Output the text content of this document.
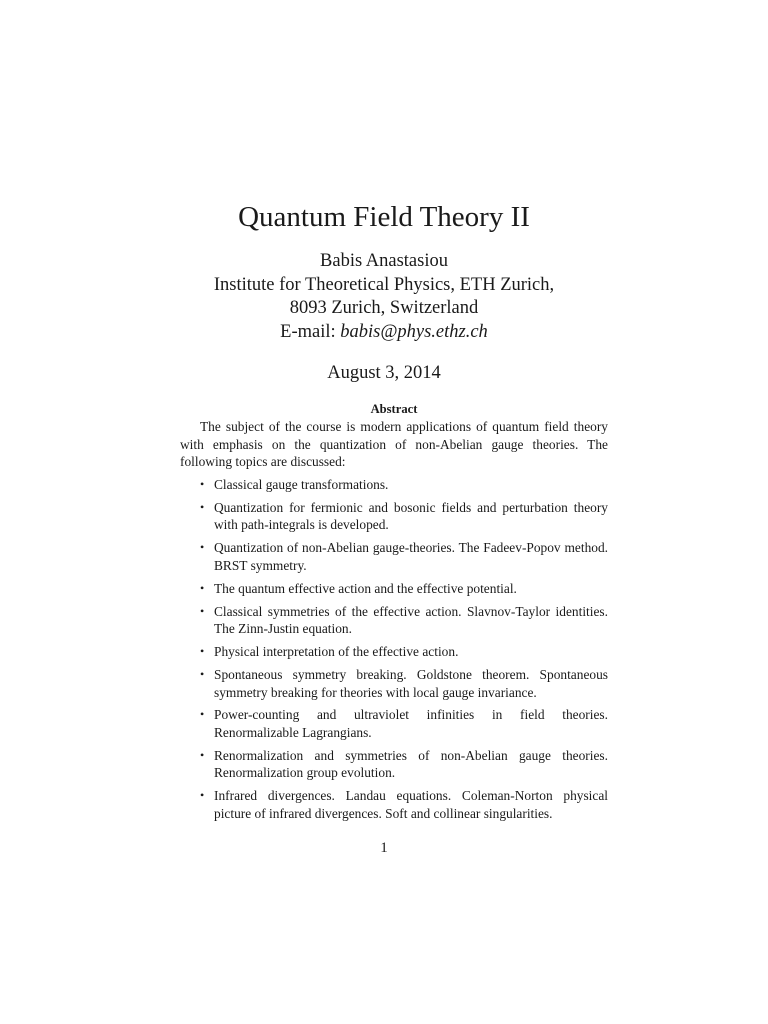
Quantum Field Theory II
Babis Anastasiou
Institute for Theoretical Physics, ETH Zurich,
8093 Zurich, Switzerland
E-mail: babis@phys.ethz.ch
August 3, 2014
Abstract

The subject of the course is modern applications of quantum field theory with emphasis on the quantization of non-Abelian gauge theories. The following topics are discussed:

• Classical gauge transformations.
• Quantization for fermionic and bosonic fields and perturbation theory with path-integrals is developed.
• Quantization of non-Abelian gauge-theories. The Fadeev-Popov method. BRST symmetry.
• The quantum effective action and the effective potential.
• Classical symmetries of the effective action. Slavnov-Taylor identities. The Zinn-Justin equation.
• Physical interpretation of the effective action.
• Spontaneous symmetry breaking. Goldstone theorem. Spontaneous symmetry breaking for theories with local gauge invariance.
• Power-counting and ultraviolet infinities in field theories. Renormalizable Lagrangians.
• Renormalization and symmetries of non-Abelian gauge theories. Renormalization group evolution.
• Infrared divergences. Landau equations. Coleman-Norton physical picture of infrared divergences. Soft and collinear singularities.
1
